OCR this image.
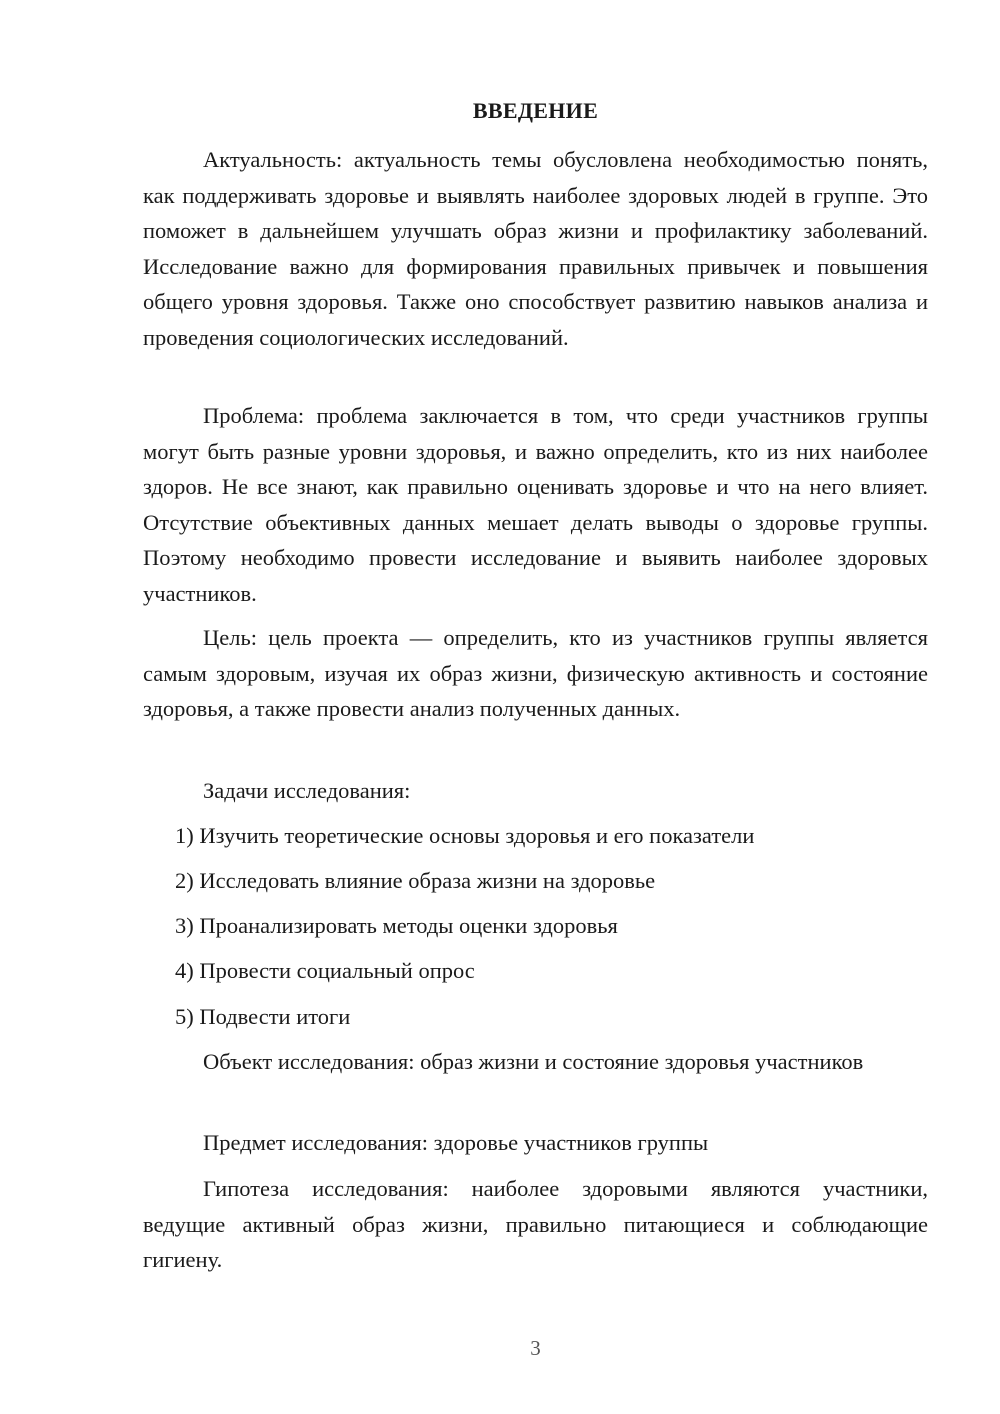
ВВЕДЕНИЕ

Актуальность: актуальность темы обусловлена необходимостью понять, как поддерживать здоровье и выявлять наиболее здоровых людей в группе. Это поможет в дальнейшем улучшать образ жизни и профилактику заболеваний. Исследование важно для формирования правильных привычек и повышения общего уровня здоровья. Также оно способствует развитию навыков анализа и проведения социологических исследований.

Проблема: проблема заключается в том, что среди участников группы могут быть разные уровни здоровья, и важно определить, кто из них наиболее здоров. Не все знают, как правильно оценивать здоровье и что на него влияет. Отсутствие объективных данных мешает делать выводы о здоровье группы. Поэтому необходимо провести исследование и выявить наиболее здоровых участников.

Цель: цель проекта — определить, кто из участников группы является самым здоровым, изучая их образ жизни, физическую активность и состояние здоровья, а также провести анализ полученных данных.

Задачи исследования:

1) Изучить теоретические основы здоровья и его показатели

2) Исследовать влияние образа жизни на здоровье

3) Проанализировать методы оценки здоровья

4) Провести социальный опрос

5) Подвести итоги

Объект исследования: образ жизни и состояние здоровья участников

Предмет исследования: здоровье участников группы

Гипотеза исследования: наиболее здоровыми являются участники, ведущие активный образ жизни, правильно питающиеся и соблюдающие гигиену.

3
